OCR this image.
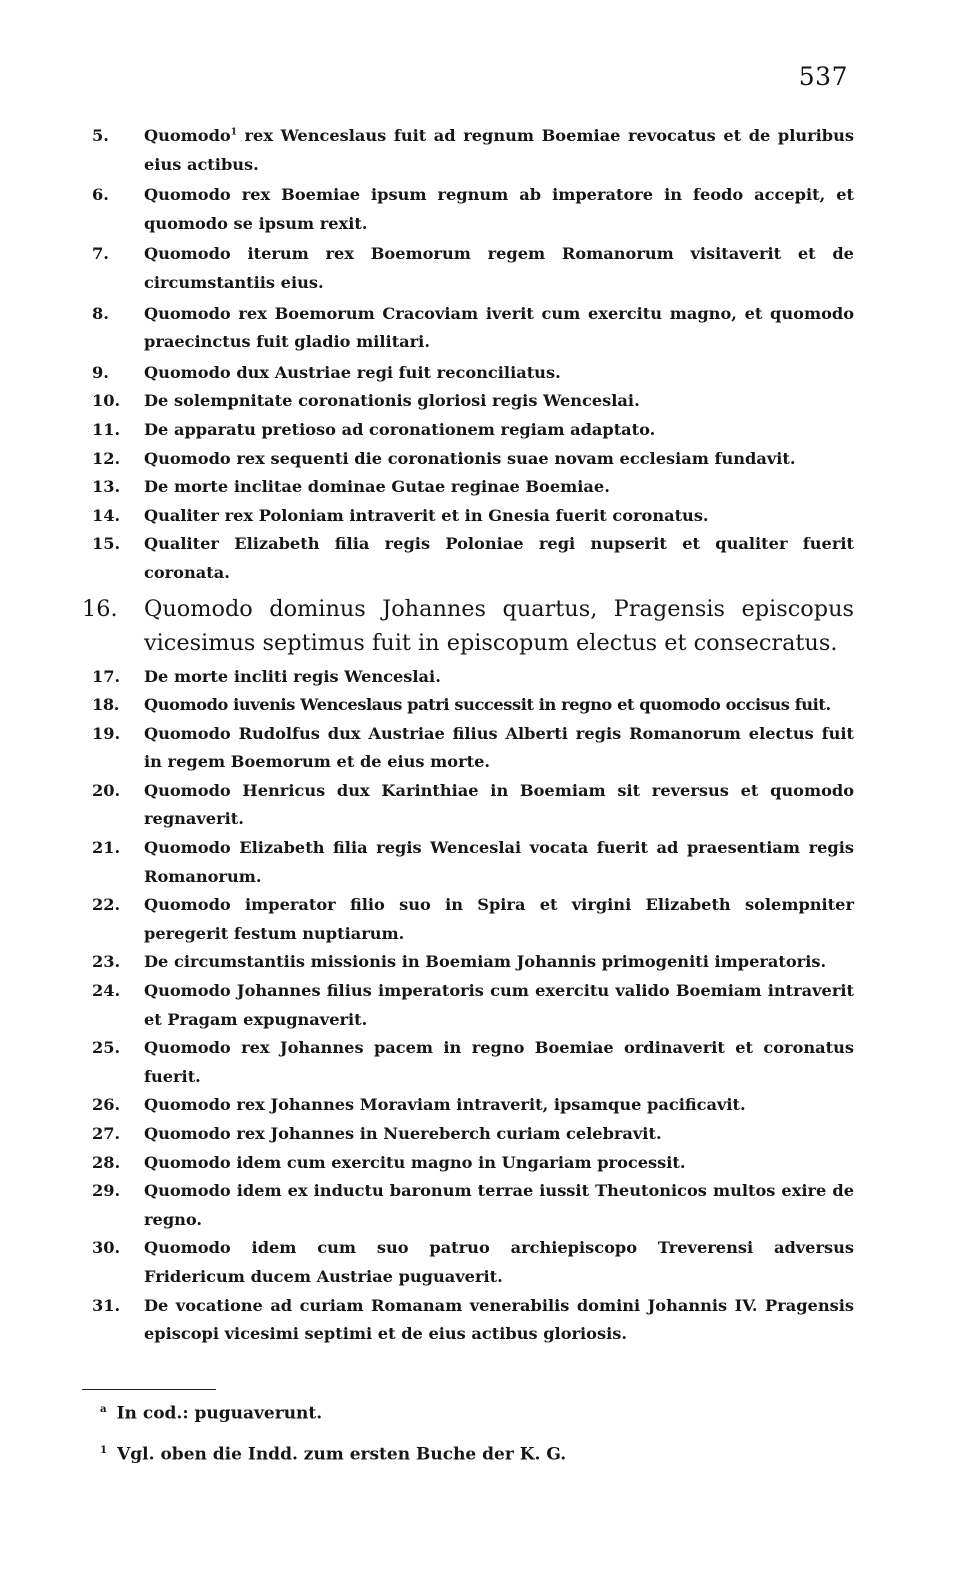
537
5.	Quomodo$^1$ rex Wenceslaus fuit ad regnum Boemiae revocatus et de pluribus eius actibus.
6.	Quomodo rex Boemiae ipsum regnum ab imperatore in feodo accepit, et quomodo se ipsum rexit.
7.	Quomodo iterum rex Boemorum regem Romanorum visitaverit et de circumstantiis eius.
8.	Quomodo rex Boemorum Cracoviam iverit cum exercitu magno, et quomodo praecinctus fuit gladio militari.
9.	Quomodo dux Austriae regi fuit reconciliatus.
10.	De solempnitate coronationis gloriosi regis Wenceslai.
11.	De apparatu pretioso ad coronationem regiam adaptato.
12.	Quomodo rex sequenti die coronationis suae novam ecclesiam fundavit.
13.	De morte inclitae dominae Gutae reginae Boemiae.
14.	Qualiter rex Poloniam intraverit et in Gnesia fuerit coronatus.
15.	Qualiter Elizabeth filia regis Poloniae regi nupserit et qualiter fuerit coronata.
16.	Quomodo dominus Johannes quartus, Pragensis episcopus vicesimus septimus fuit in episcopum electus et consecratus.
17.	De morte incliti regis Wenceslai.
18.	Quomodo iuvenis Wenceslaus patri successit in regno et quomodo occisus fuit.
19.	Quomodo Rudolfus dux Austriae filius Alberti regis Romanorum electus fuit in regem Boemorum et de eius morte.
20.	Quomodo Henricus dux Karinthiae in Boemiam sit reversus et quomodo regnaverit.
21.	Quomodo Elizabeth filia regis Wenceslai vocata fuerit ad praesentiam regis Romanorum.
22.	Quomodo imperator filio suo in Spira et virgini Elizabeth solempniter peregerit festum nuptiarum.
23.	De circumstantiis missionis in Boemiam Johannis primogeniti imperatoris.
24.	Quomodo Johannes filius imperatoris cum exercitu valido Boemiam intraverit et Pragam expugnaverit.
25.	Quomodo rex Johannes pacem in regno Boemiae ordinaverit et coronatus fuerit.
26.	Quomodo rex Johannes Moraviam intraverit, ipsamque pacificavit.
27.	Quomodo rex Johannes in Nuereberch curiam celebravit.
28.	Quomodo idem cum exercitu magno in Ungariam processit.
29.	Quomodo idem ex inductu baronum terrae iussit Theutonicos multos exire de regno.
30.	Quomodo idem cum suo patruo archiepiscopo Treverensi adversus Fridericum ducem Austriae puguaverit.
31.	De vocatione ad curiam Romanam venerabilis domini Johannis IV. Pragensis episcopi vicesimi septimi et de eius actibus gloriosis.
$^a$ In cod.: puguaverunt.
$^1$ Vgl. oben die Indd. zum ersten Buche der K. G.
